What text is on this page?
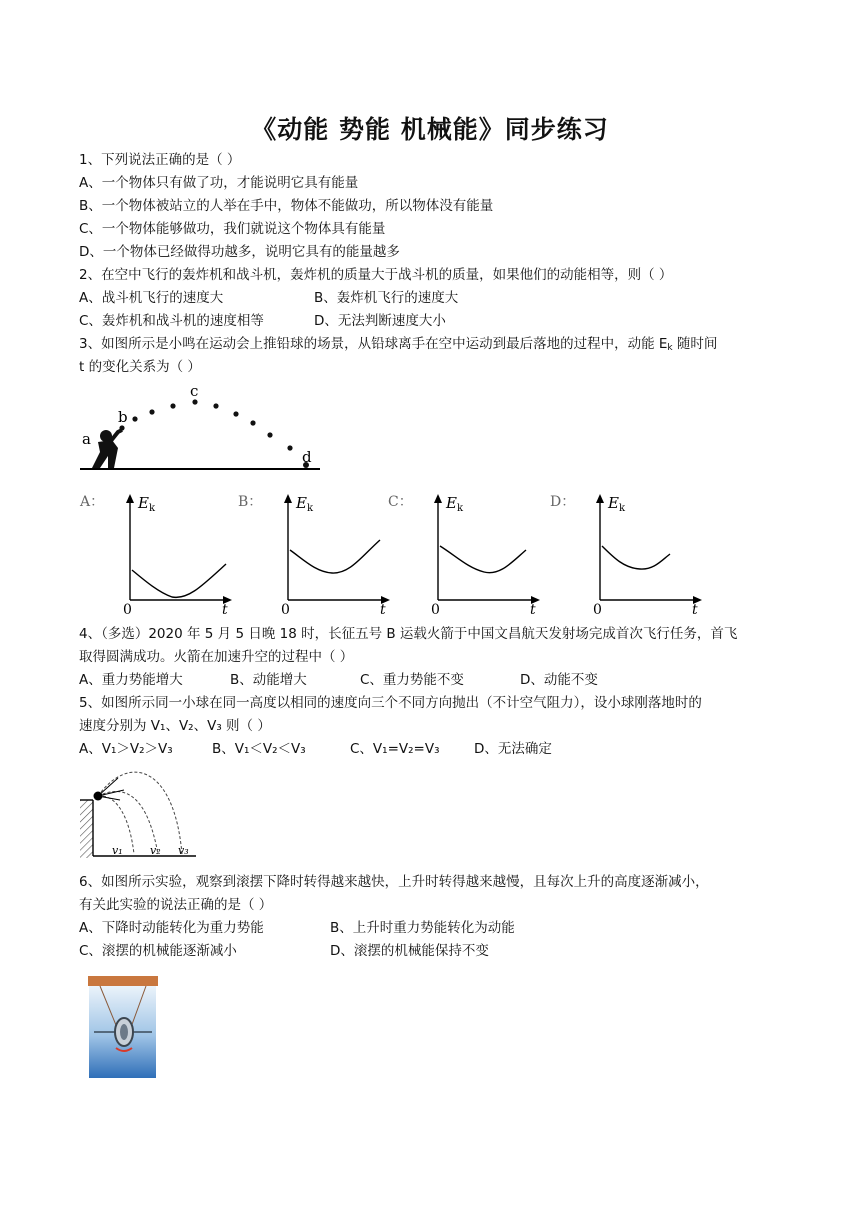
《动能 势能 机械能》同步练习
1、下列说法正确的是（ ）
A、一个物体只有做了功，才能说明它具有能量
B、一个物体被站立的人举在手中，物体不能做功，所以物体没有能量
C、一个物体能够做功，我们就说这个物体具有能量
D、一个物体已经做得功越多，说明它具有的能量越多
2、在空中飞行的轰炸机和战斗机，轰炸机的质量大于战斗机的质量，如果他们的动能相等，则（ ）
A、战斗机飞行的速度大	B、轰炸机飞行的速度大
C、轰炸机和战斗机的速度相等	D、无法判断速度大小
3、如图所示是小鸣在运动会上推铅球的场景，从铅球离手在空中运动到最后落地的过程中，动能 $E_k$ 随时间
t 的变化关系为（ ）
a
b
c
d
A： $E_k$
0	t
B： $E_k$
0	t
C： $E_k$
0	t
D： $E_k$
0	t
4、（多选）2020 年 5 月 5 日晚 18 时，长征五号 B 运载火箭于中国文昌航天发射场完成首次飞行任务，首飞
取得圆满成功。火箭在加速升空的过程中（ ）
A、重力势能增大	B、动能增大	C、重力势能不变	D、动能不变
5、如图所示同一小球在同一高度以相同的速度向三个不同方向抛出（不计空气阻力），设小球刚落地时的
速度分别为 V₁、V₂、V₃ 则（ ）
A、V₁＞V₂＞V₃	B、V₁＜V₂＜V₃	C、V₁=V₂=V₃	D、无法确定
v₁ v₂ v₃
6、如图所示实验，观察到滚摆下降时转得越来越快，上升时转得越来越慢，且每次上升的高度逐渐减小，
有关此实验的说法正确的是（ ）
A、下降时动能转化为重力势能	B、上升时重力势能转化为动能
C、滚摆的机械能逐渐减小	D、滚摆的机械能保持不变
